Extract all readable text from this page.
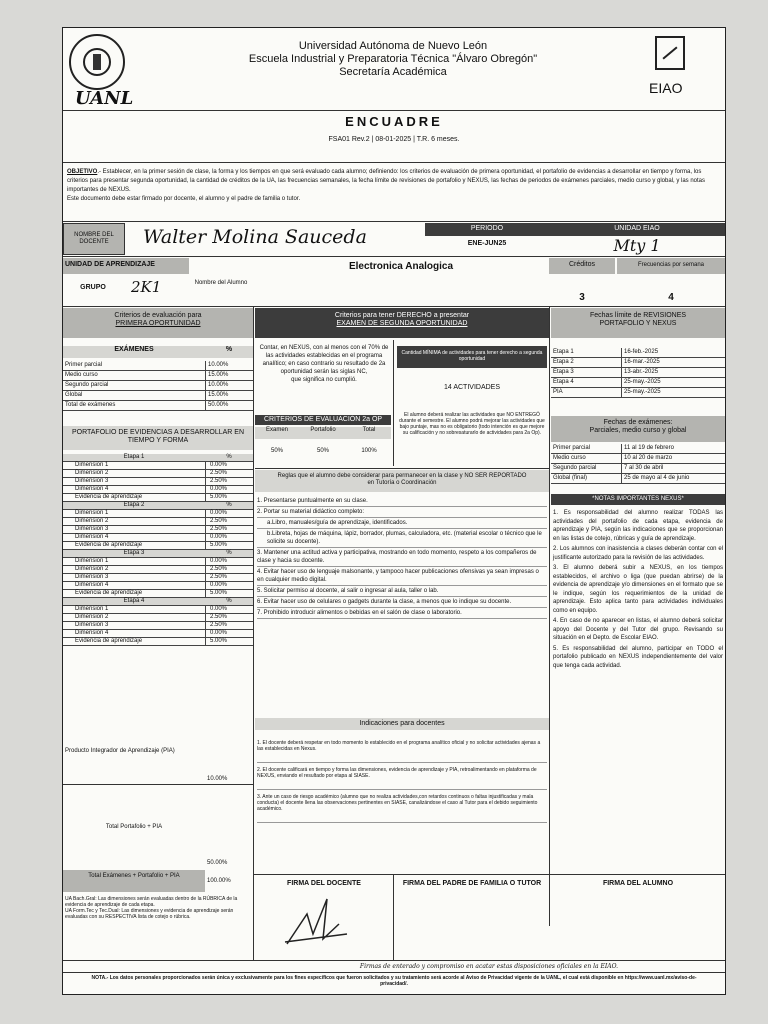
UANL
Universidad Autónoma de Nuevo León
Escuela Industrial y Preparatoria Técnica "Álvaro Obregón"
Secretaría Académica
EIAO
ENCUADRE
FSA01 Rev.2 | 08-01-2025 | T.R. 6 meses.
OBJETIVO.- Establecer, en la primer sesión de clase, la forma y los tiempos en que será evaluado cada alumno; definiendo: los criterios de evaluación de primera oportunidad, el portafolio de evidencias a desarrollar en tiempo y forma, los criterios para presentar segunda oportunidad, la cantidad de créditos de la UA, las frecuencias semanales, la fecha límite de revisiones de portafolio y NEXUS, las fechas de periodos de exámenes parciales, medio curso y global, y las notas importantes de NEXUS.
Este documento debe estar firmado por docente, el alumno y el padre de familia o tutor.
NOMBRE DEL DOCENTE	Walter Molina Sauceda	PERIODO
ENE-JUN25
UNIDAD EIAO
Mty 1
UNIDAD DE APRENDIZAJE	Electronica Analogica	Créditos	Frecuencias por semana
GRUPO	2K1	Nombre del Alumno
3	4
Criterios de evaluación para
PRIMERA OPORTUNIDAD
EXÁMENES	%
Primer parcial	10.00%
Medio curso	15.00%
Segundo parcial	10.00%
Global	15.00%
Total de exámenes	50.00%
PORTAFOLIO DE EVIDENCIAS A DESARROLLAR EN TIEMPO Y FORMA
Etapa 1	%
Dimension 1	0.00%
Dimension 2	2.50%
Dimension 3	2.50%
Dimension 4	0.00%
Evidencia de aprendizaje	5.00%
Etapa 2	%
Dimension 1	0.00%
Dimension 2	2.50%
Dimension 3	2.50%
Dimension 4	0.00%
Evidencia de aprendizaje	5.00%
Etapa 3	%
Dimension 1	0.00%
Dimension 2	2.50%
Dimension 3	2.50%
Dimension 4	0.00%
Evidencia de aprendizaje	5.00%
Etapa 4	%
Dimension 1	0.00%
Dimension 2	2.50%
Dimension 3	2.50%
Dimension 4	0.00%
Evidencia de aprendizaje	5.00%
Producto Integrador de Aprendizaje (PIA)
10.00%
Total Portafolio + PIA
50.00%
Total Exámenes + Portafolio + PIA
100.00%
UA Bach.Gral: Las dimensiones serán evaluadas dentro de la RÚBRICA de la evidencia de aprendizaje de cada etapa.
UA Form.Tec y Tec.Dual: Las dimensiones y evidencia de aprendizaje serán evaluadas con su RESPECTIVA lista de cotejo o rúbrica.
Criterios para tener DERECHO a presentar
EXAMEN DE SEGUNDA OPORTUNIDAD
Contar, en NEXUS, con al menos con el 70% de las actividades establecidas en el programa analítico; en caso contrario su resultado de 2a oportunidad serán las siglas NC,
que significa no cumplió.
Cantidad MÍNIMA de actividades para tener derecho a segunda oportunidad
14 ACTIVIDADES
CRITERIOS DE EVALUACIÓN 2a OP
El alumno deberá realizar las actividades que NO ENTREGÓ durante el semestre. El alumno podrá mejorar las actividades que bajo puntaje, mas no es obligatorio (todo intención es que mejore su calificación y no sobresaturarlo de actividades para 2a Op).
Examen	Portafolio	Total
50%	50%	100%
Reglas que el alumno debe considerar para permanecer en la clase y NO SER REPORTADO en Tutoría o Coordinación
1. Presentarse puntualmente en su clase.
2. Portar su material didáctico completo:
a.Libro, manuales/guía de aprendizaje, identificados.
b.Libreta, hojas de máquina, lápiz, borrador, plumas, calculadora, etc. (material escolar o técnico que le solicite su docente).
3. Mantener una actitud activa y participativa, mostrando en todo momento, respeto a los compañeros de clase y hacia su docente.
4. Evitar hacer uso de lenguaje malsonante, y tampoco hacer publicaciones ofensivas ya sean impresas o en cualquier medio digital.
5. Solicitar permiso al docente, al salir o ingresar al aula, taller o lab.
6. Evitar hacer uso de celulares o gadgets durante la clase, a menos que lo indique su docente.
7. Prohibido introducir alimentos o bebidas en el salón de clase o laboratorio.
Indicaciones para docentes
1. El docente deberá respetar en todo momento lo establecido en el programa analítico oficial y no solicitar actividades ajenas a las establecidas en Nexus.
2. El docente calificará en tiempo y forma las dimensiones, evidencia de aprendizaje y PIA, retroalimentando en plataforma de NEXUS, enviando el resultado por etapa al SIASE.
3. Ante un caso de riesgo académico (alumno que no realiza actividades,con retardos continuos o faltas injustificadas y mala conducta) el docente llena las observaciones pertinentes en SIASE, canalizándose el caso al Tutor para el debido seguimiento académico.
Fechas límite de REVISIONES
PORTAFOLIO Y NEXUS
Etapa 1	16-feb.-2025
Etapa 2	16-mar.-2025
Etapa 3	13-abr.-2025
Etapa 4	25-may.-2025
PIA	25-may.-2025
Fechas de exámenes:
Parciales, medio curso y global
Primer parcial	11 al 19 de febrero
Medio curso	10 al 20 de marzo
Segundo parcial	7 al 30 de abril
Global (final)	25 de mayo al 4 de junio
*NOTAS IMPORTANTES NEXUS*
1. Es responsabilidad del alumno realizar TODAS las actividades del portafolio de cada etapa, evidencia de aprendizaje y PIA, según las indicaciones que se proporcionan en las listas de cotejo, rúbricas y guía de aprendizaje.
2. Los alumnos con inasistencia a clases deberán contar con el justificante autorizado para la revisión de las actividades.
3. El alumno deberá subir a NEXUS, en los tiempos establecidos, el archivo o liga (que puedan abrirse) de la evidencia de aprendizaje y/o dimensiones en el formato que se le indique, según los requerimientos de la unidad de aprendizaje. Esto aplica tanto para actividades individuales como en equipo.
4. En caso de no aparecer en listas, el alumno deberá solicitar apoyo del Docente y del Tutor del grupo. Revisando su situación en el Depto. de Escolar EIAO.
5. Es responsabilidad del alumno, participar en TODO el portafolio publicado en NEXUS independientemente del valor que tenga cada actividad.
FIRMA DEL DOCENTE	FIRMA DEL PADRE DE FAMILIA O TUTOR	FIRMA DEL ALUMNO
Firmas de enterado y compromiso en acatar estas disposiciones oficiales en la EIAO.
NOTA.- Los datos personales proporcionados serán única y exclusivamente para los fines específicos que fueron solicitados y su tratamiento será acorde al Aviso de Privacidad vigente de la UANL, el cual está disponible en https://www.uanl.mx/aviso-de-privacidad/.
